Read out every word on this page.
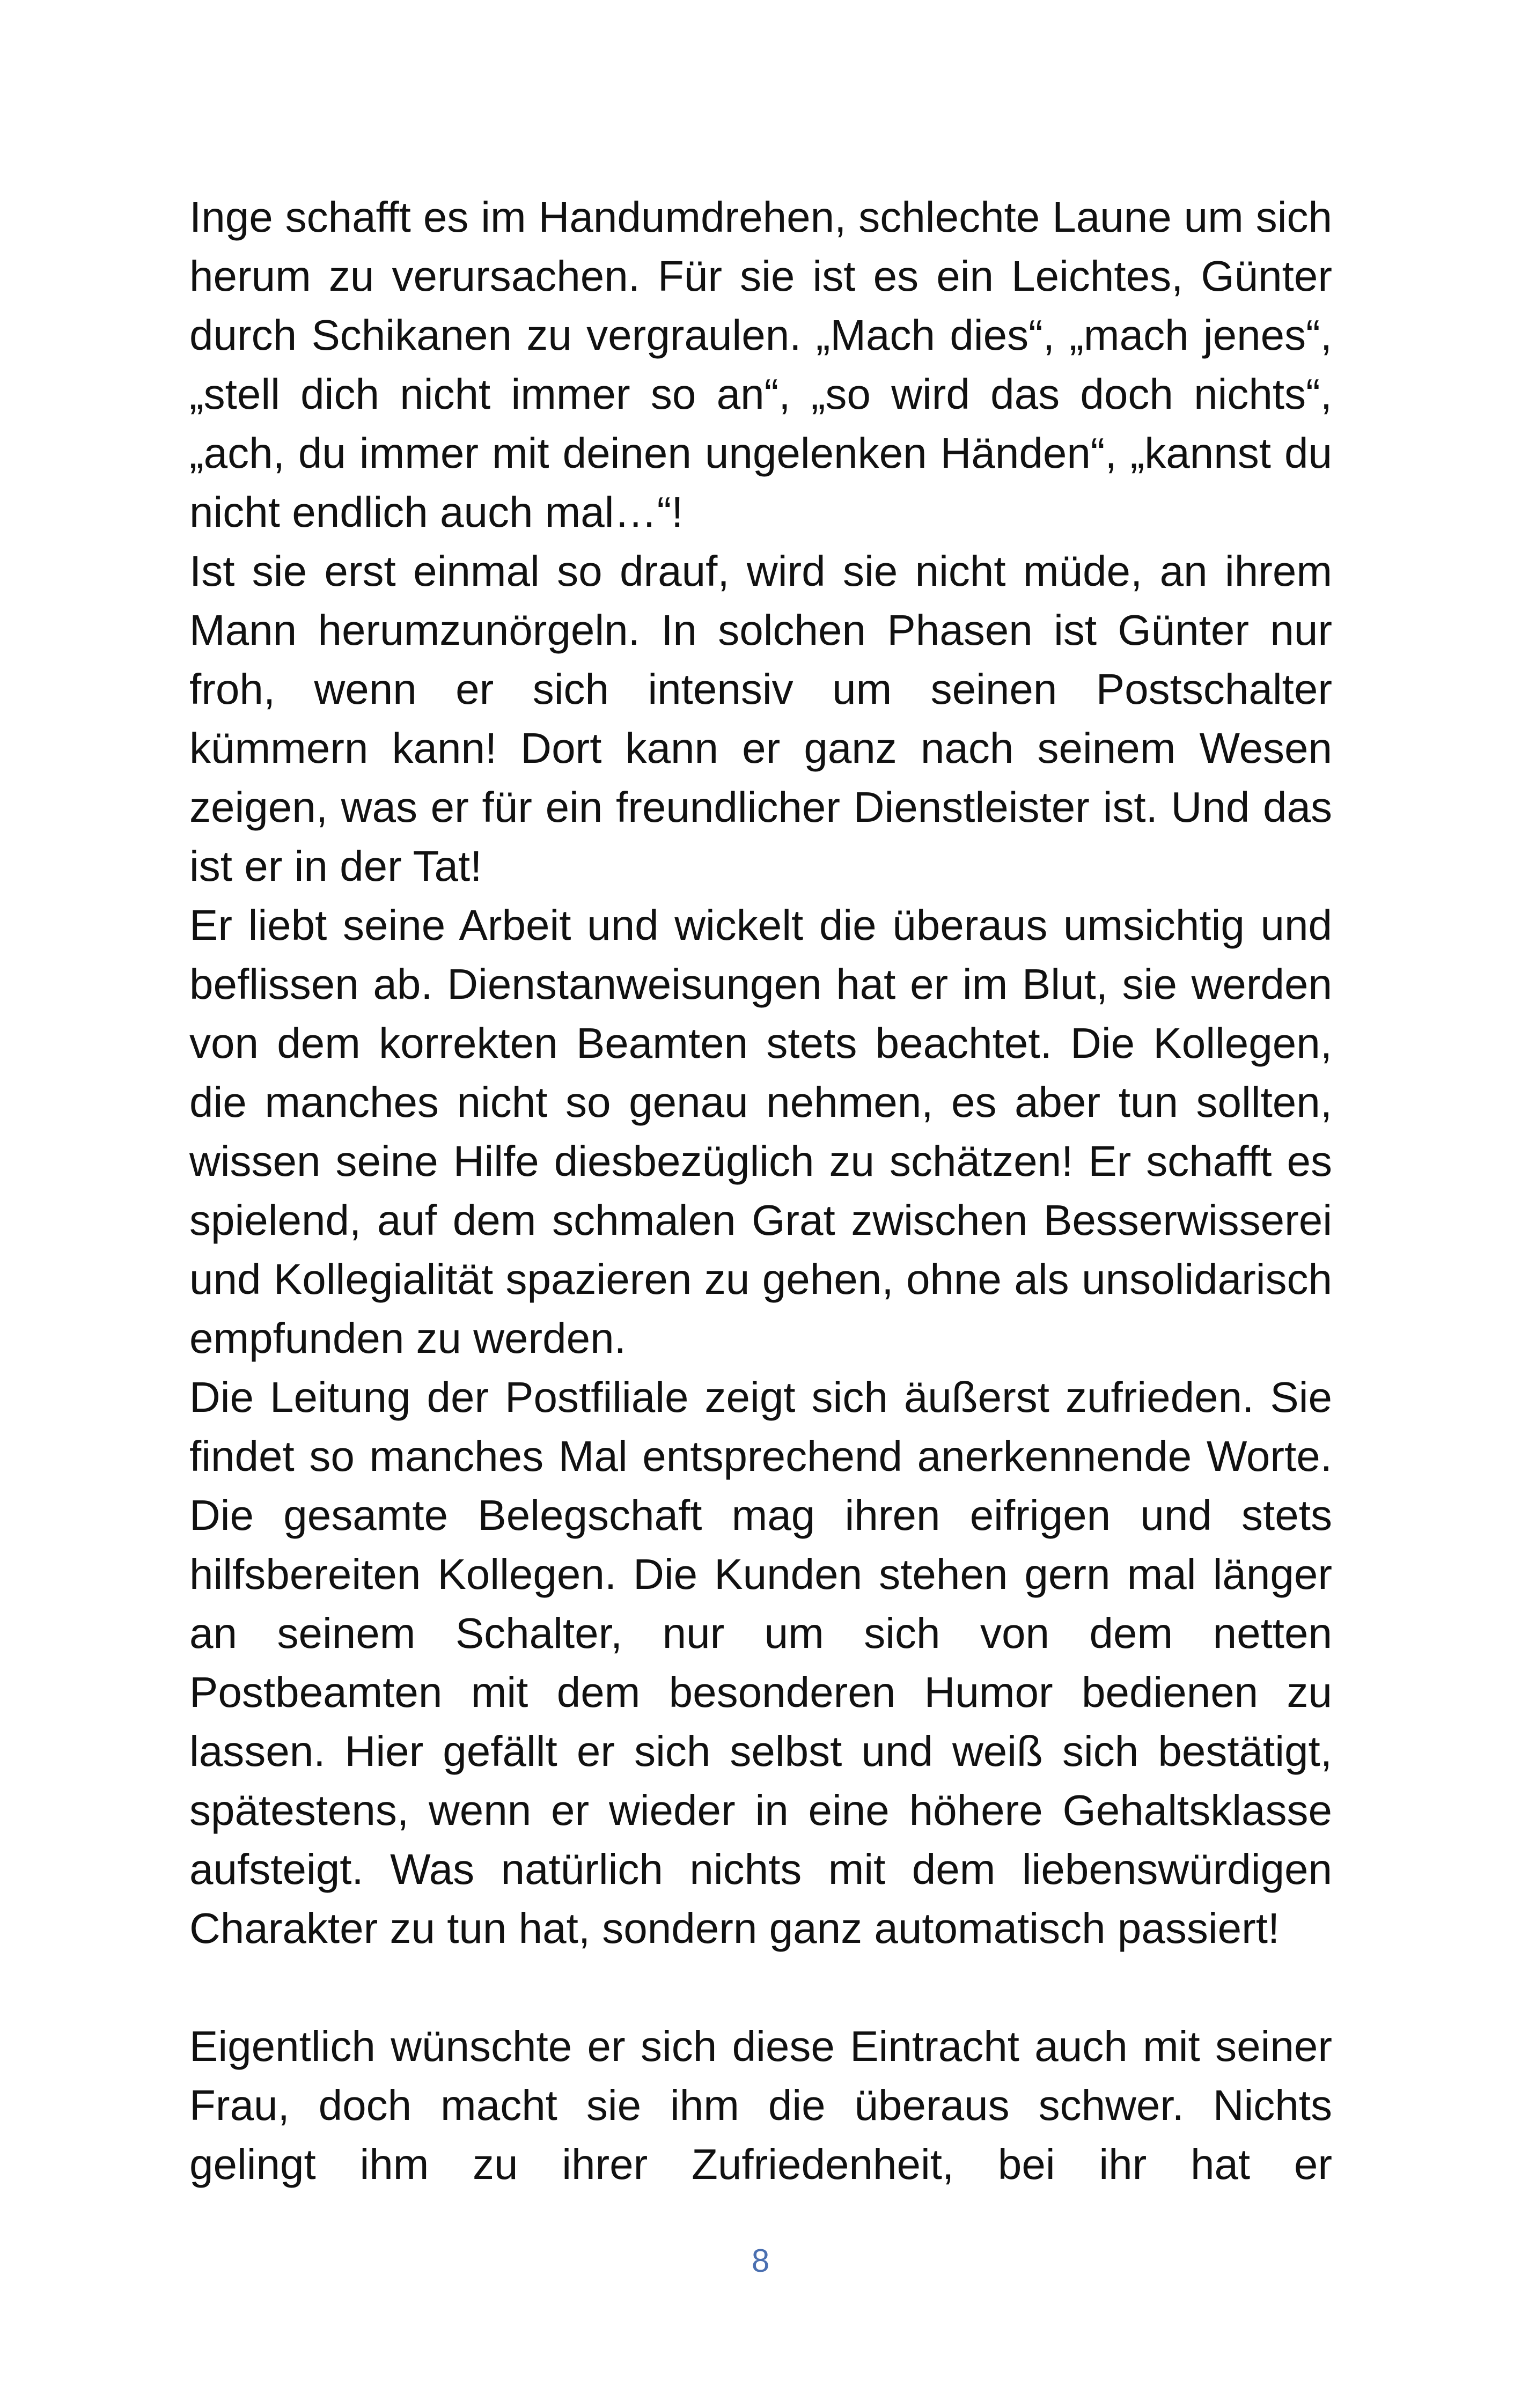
Inge schafft es im Handumdrehen, schlechte Laune um sich herum zu verursachen. Für sie ist es ein Leichtes, Günter durch Schikanen zu vergraulen. „Mach dies“, „mach jenes“, „stell dich nicht immer so an“, „so wird das doch nichts“, „ach, du immer mit deinen ungelenken Händen“, „kannst du nicht endlich auch mal…“!

Ist sie erst einmal so drauf, wird sie nicht müde, an ihrem Mann herumzunörgeln. In solchen Phasen ist Günter nur froh, wenn er sich intensiv um seinen Postschalter kümmern kann! Dort kann er ganz nach seinem Wesen zeigen, was er für ein freundlicher Dienstleister ist. Und das ist er in der Tat!

Er liebt seine Arbeit und wickelt die überaus umsichtig und beflissen ab. Dienstanweisungen hat er im Blut, sie werden von dem korrekten Beamten stets beachtet. Die Kollegen, die manches nicht so genau nehmen, es aber tun sollten, wissen seine Hilfe diesbezüglich zu schätzen! Er schafft es spielend, auf dem schmalen Grat zwischen Besserwisserei und Kollegialität spazieren zu gehen, ohne als unsolidarisch empfunden zu werden.

Die Leitung der Postfiliale zeigt sich äußerst zufrieden. Sie findet so manches Mal entsprechend anerkennende Worte. Die gesamte Belegschaft mag ihren eifrigen und stets hilfsbereiten Kollegen. Die Kunden stehen gern mal länger an seinem Schalter, nur um sich von dem netten Postbeamten mit dem besonderen Humor bedienen zu lassen. Hier gefällt er sich selbst und weiß sich bestätigt, spätestens, wenn er wieder in eine höhere Gehaltsklasse aufsteigt. Was natürlich nichts mit dem liebenswürdigen Charakter zu tun hat, sondern ganz automatisch passiert!

Eigentlich wünschte er sich diese Eintracht auch mit seiner Frau, doch macht sie ihm die überaus schwer. Nichts gelingt ihm zu ihrer Zufriedenheit, bei ihr hat er

8
